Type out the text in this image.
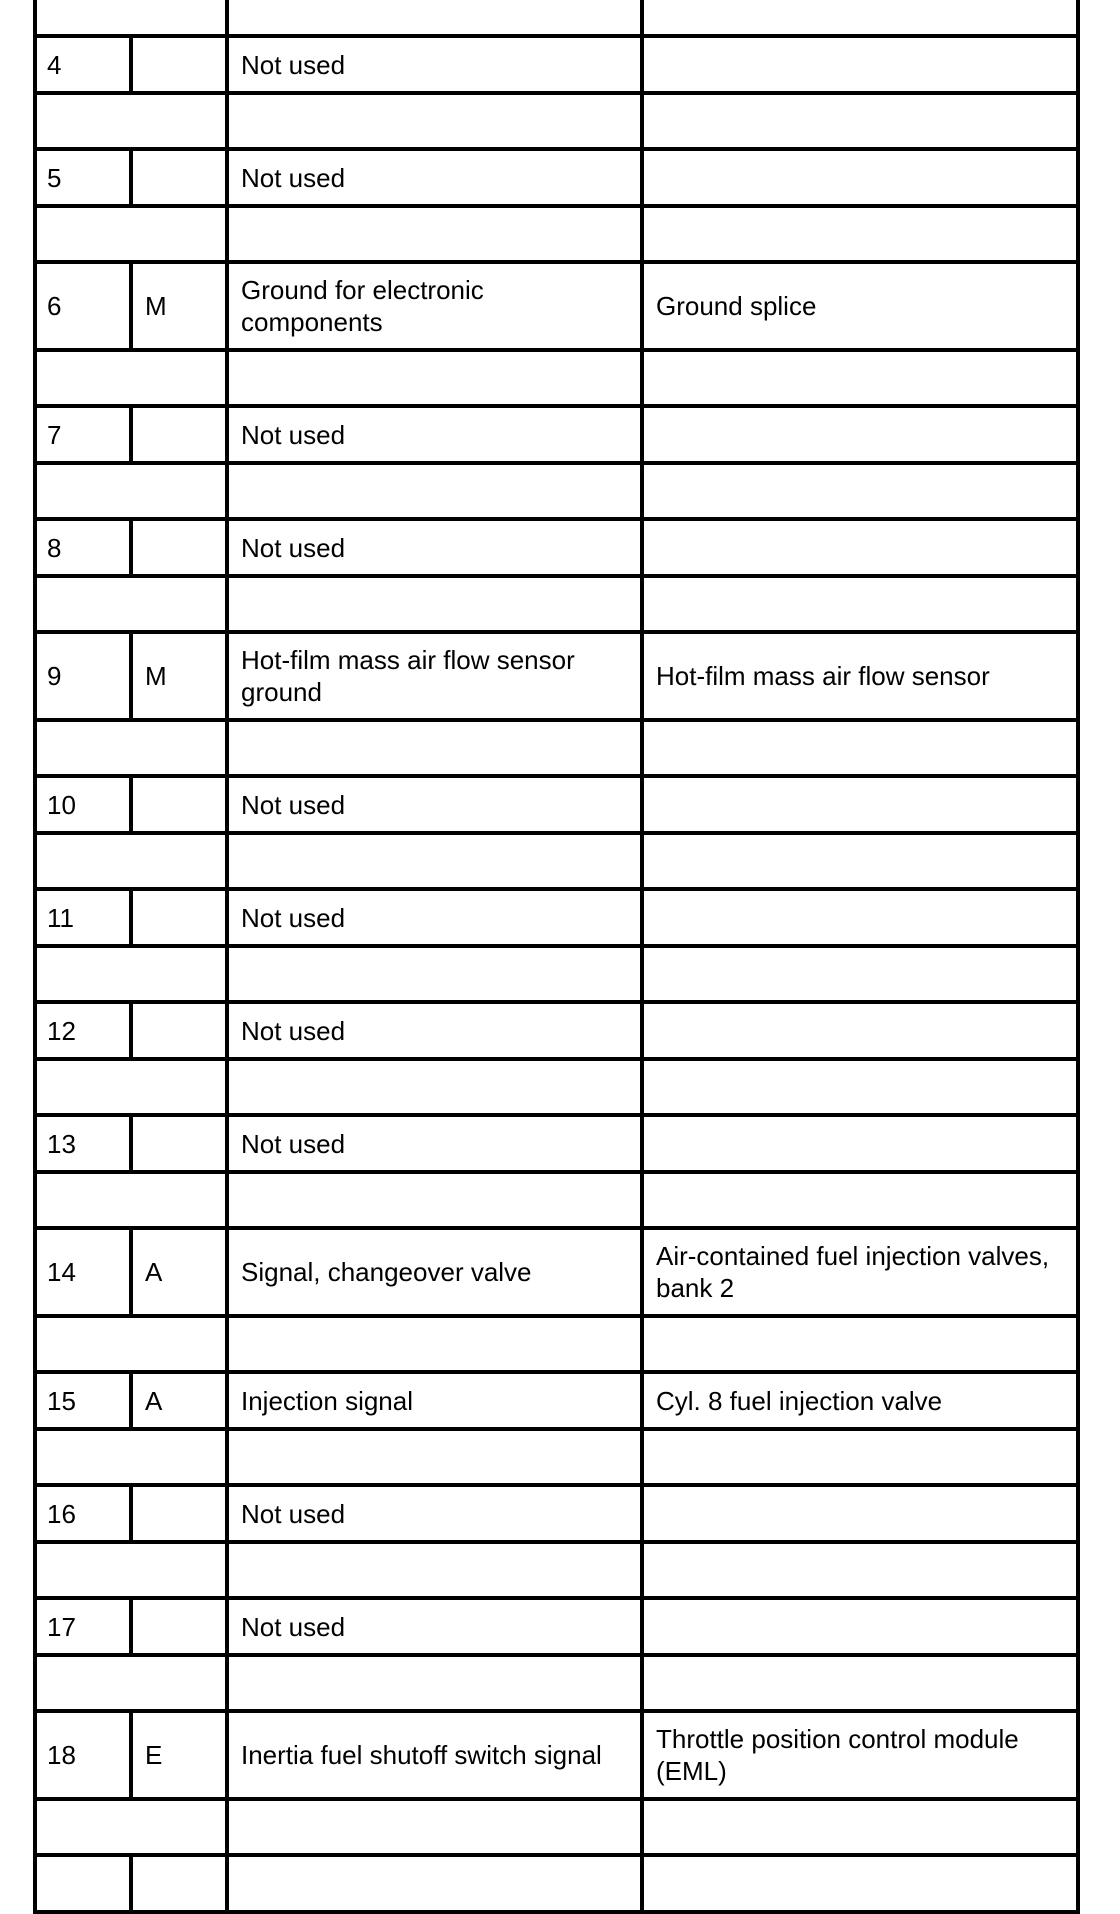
4		Not used	

5		Not used	

6	M	Ground for electronic components	Ground splice

7		Not used	

8		Not used	

9	M	Hot-film mass air flow sensor ground	Hot-film mass air flow sensor

10		Not used	

11		Not used	

12		Not used	

13		Not used	

14	A	Signal, changeover valve	Air-contained fuel injection valves, bank 2

15	A	Injection signal	Cyl. 8 fuel injection valve

16		Not used	

17		Not used	

18	E	Inertia fuel shutoff switch signal	Throttle position control module (EML)
